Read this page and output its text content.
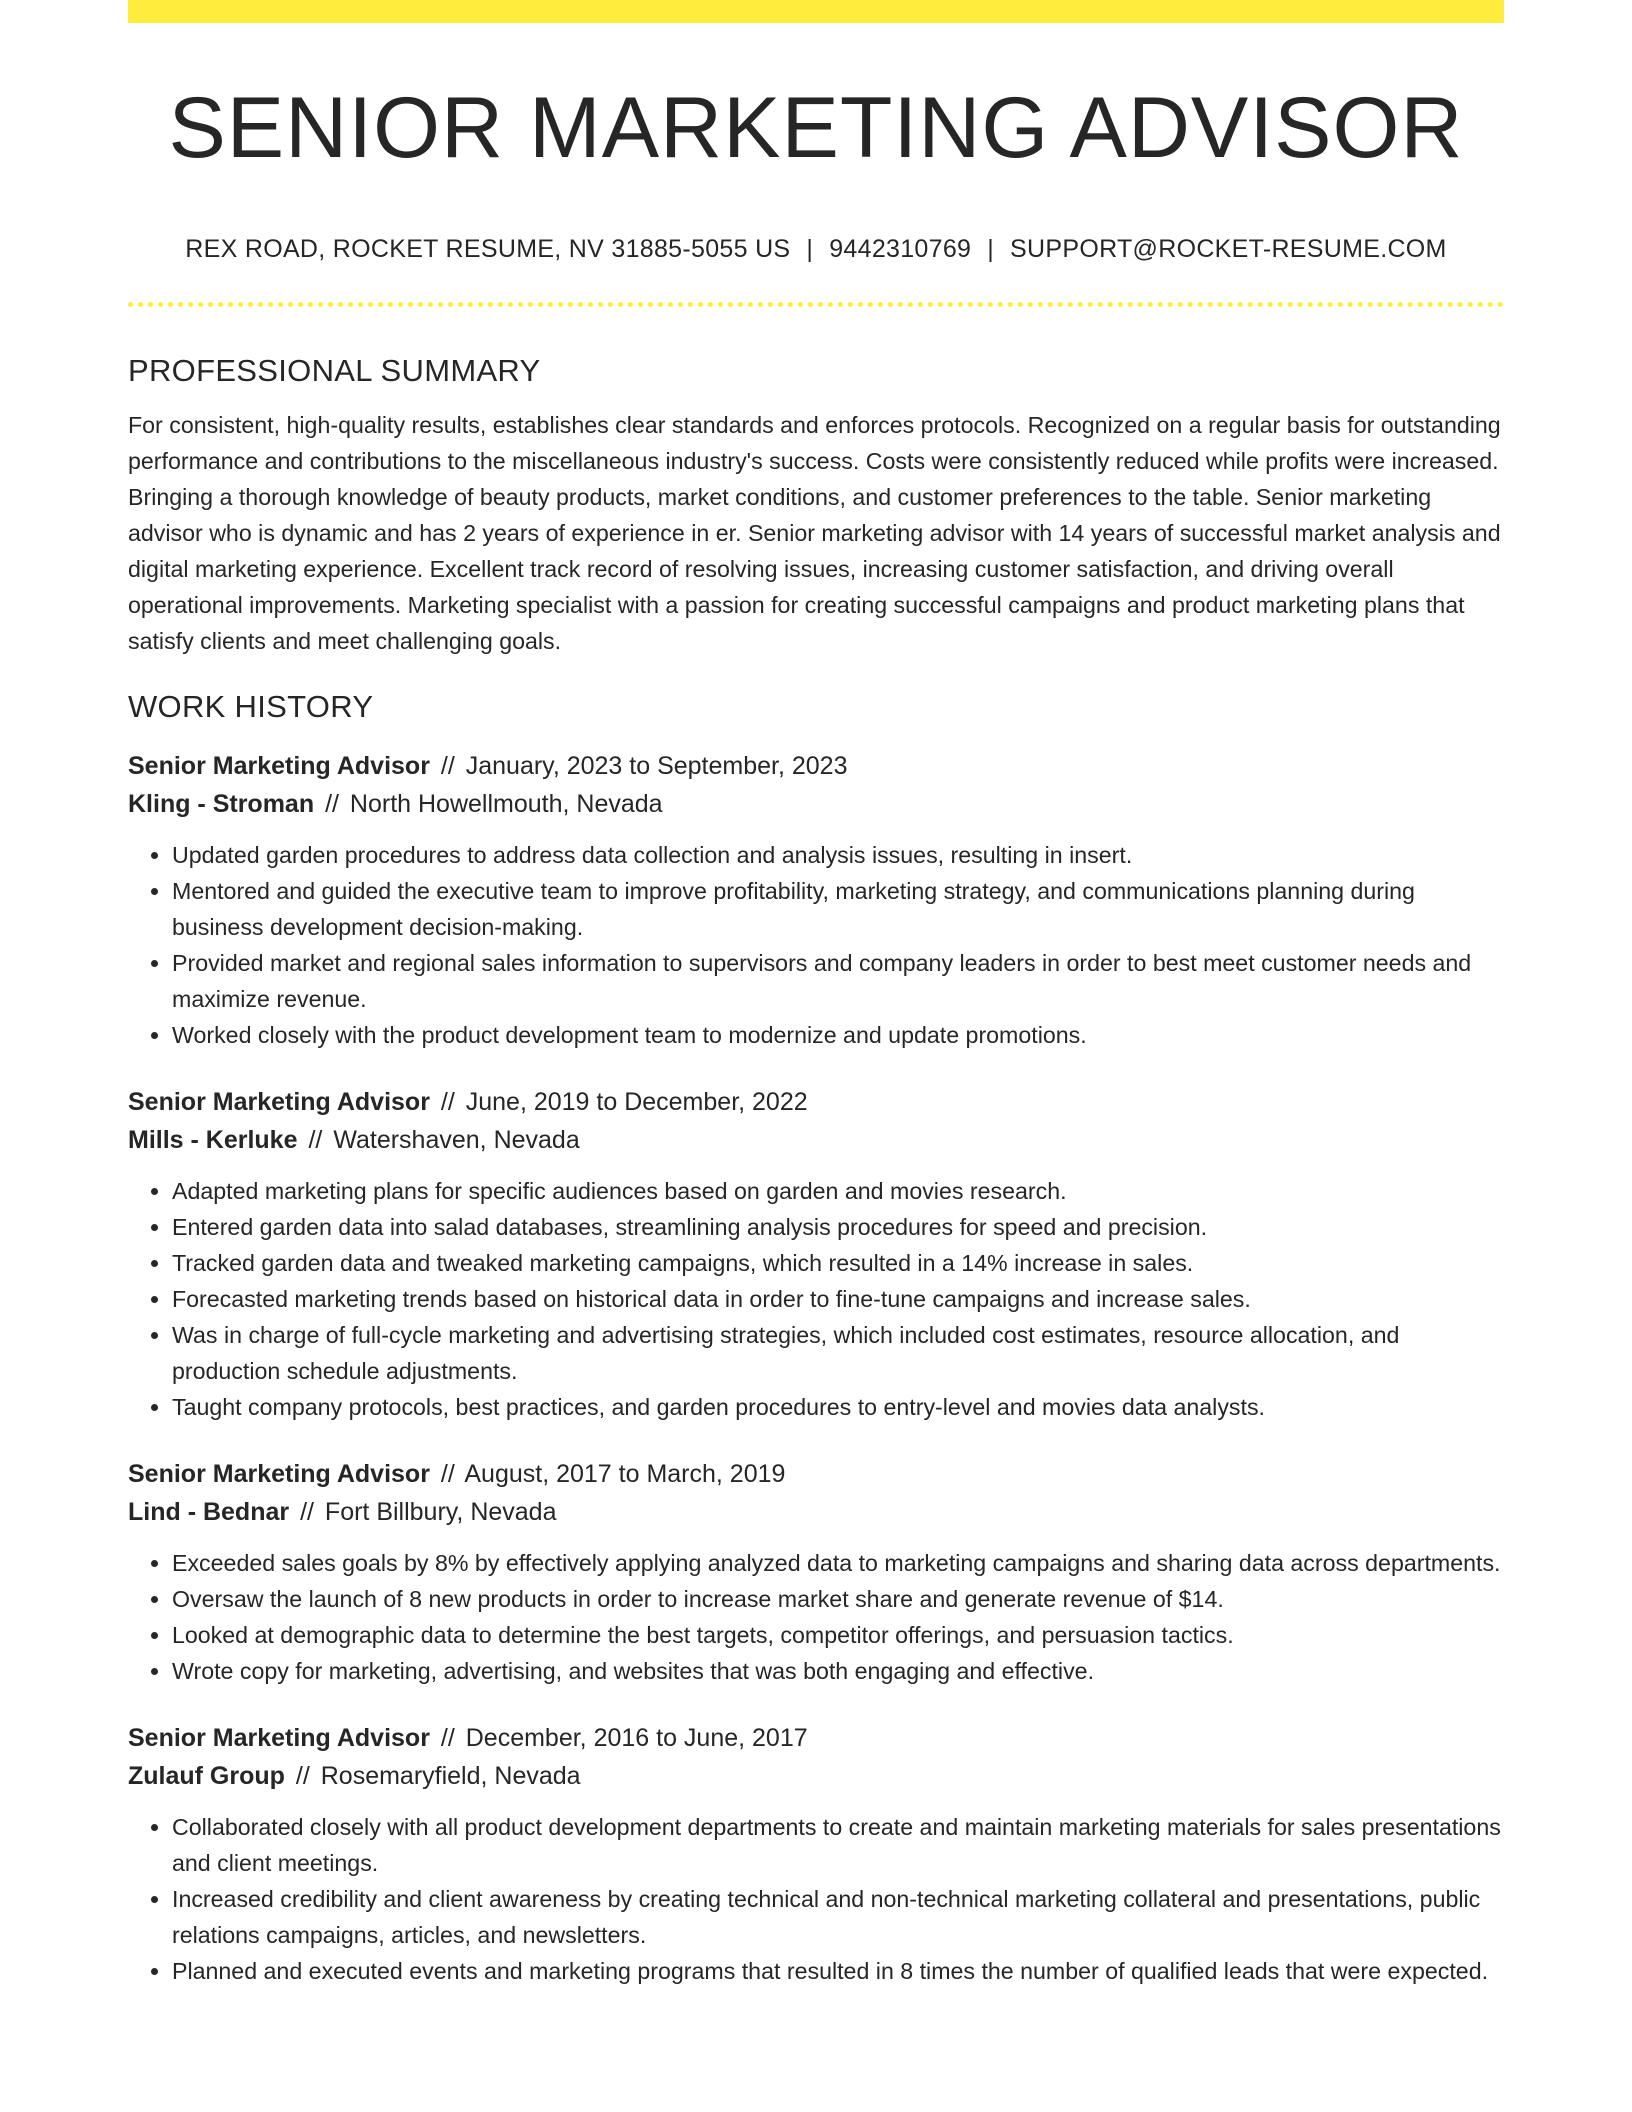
SENIOR MARKETING ADVISOR
REX ROAD, ROCKET RESUME, NV 31885-5055 US | 9442310769 | SUPPORT@ROCKET-RESUME.COM
PROFESSIONAL SUMMARY

For consistent, high-quality results, establishes clear standards and enforces protocols. Recognized on a regular basis for outstanding performance and contributions to the miscellaneous industry's success. Costs were consistently reduced while profits were increased. Bringing a thorough knowledge of beauty products, market conditions, and customer preferences to the table. Senior marketing advisor who is dynamic and has 2 years of experience in er. Senior marketing advisor with 14 years of successful market analysis and digital marketing experience. Excellent track record of resolving issues, increasing customer satisfaction, and driving overall operational improvements. Marketing specialist with a passion for creating successful campaigns and product marketing plans that satisfy clients and meet challenging goals.

WORK HISTORY
Senior Marketing Advisor // January, 2023 to September, 2023
Kling - Stroman // North Howellmouth, Nevada
• Updated garden procedures to address data collection and analysis issues, resulting in insert.
• Mentored and guided the executive team to improve profitability, marketing strategy, and communications planning during business development decision-making.
• Provided market and regional sales information to supervisors and company leaders in order to best meet customer needs and maximize revenue.
• Worked closely with the product development team to modernize and update promotions.
Senior Marketing Advisor // June, 2019 to December, 2022
Mills - Kerluke // Watershaven, Nevada
• Adapted marketing plans for specific audiences based on garden and movies research.
• Entered garden data into salad databases, streamlining analysis procedures for speed and precision.
• Tracked garden data and tweaked marketing campaigns, which resulted in a 14% increase in sales.
• Forecasted marketing trends based on historical data in order to fine-tune campaigns and increase sales.
• Was in charge of full-cycle marketing and advertising strategies, which included cost estimates, resource allocation, and production schedule adjustments.
• Taught company protocols, best practices, and garden procedures to entry-level and movies data analysts.
Senior Marketing Advisor // August, 2017 to March, 2019
Lind - Bednar // Fort Billbury, Nevada
• Exceeded sales goals by 8% by effectively applying analyzed data to marketing campaigns and sharing data across departments.
• Oversaw the launch of 8 new products in order to increase market share and generate revenue of $14.
• Looked at demographic data to determine the best targets, competitor offerings, and persuasion tactics.
• Wrote copy for marketing, advertising, and websites that was both engaging and effective.
Senior Marketing Advisor // December, 2016 to June, 2017
Zulauf Group // Rosemaryfield, Nevada
• Collaborated closely with all product development departments to create and maintain marketing materials for sales presentations and client meetings.
• Increased credibility and client awareness by creating technical and non-technical marketing collateral and presentations, public relations campaigns, articles, and newsletters.
• Planned and executed events and marketing programs that resulted in 8 times the number of qualified leads that were expected.
